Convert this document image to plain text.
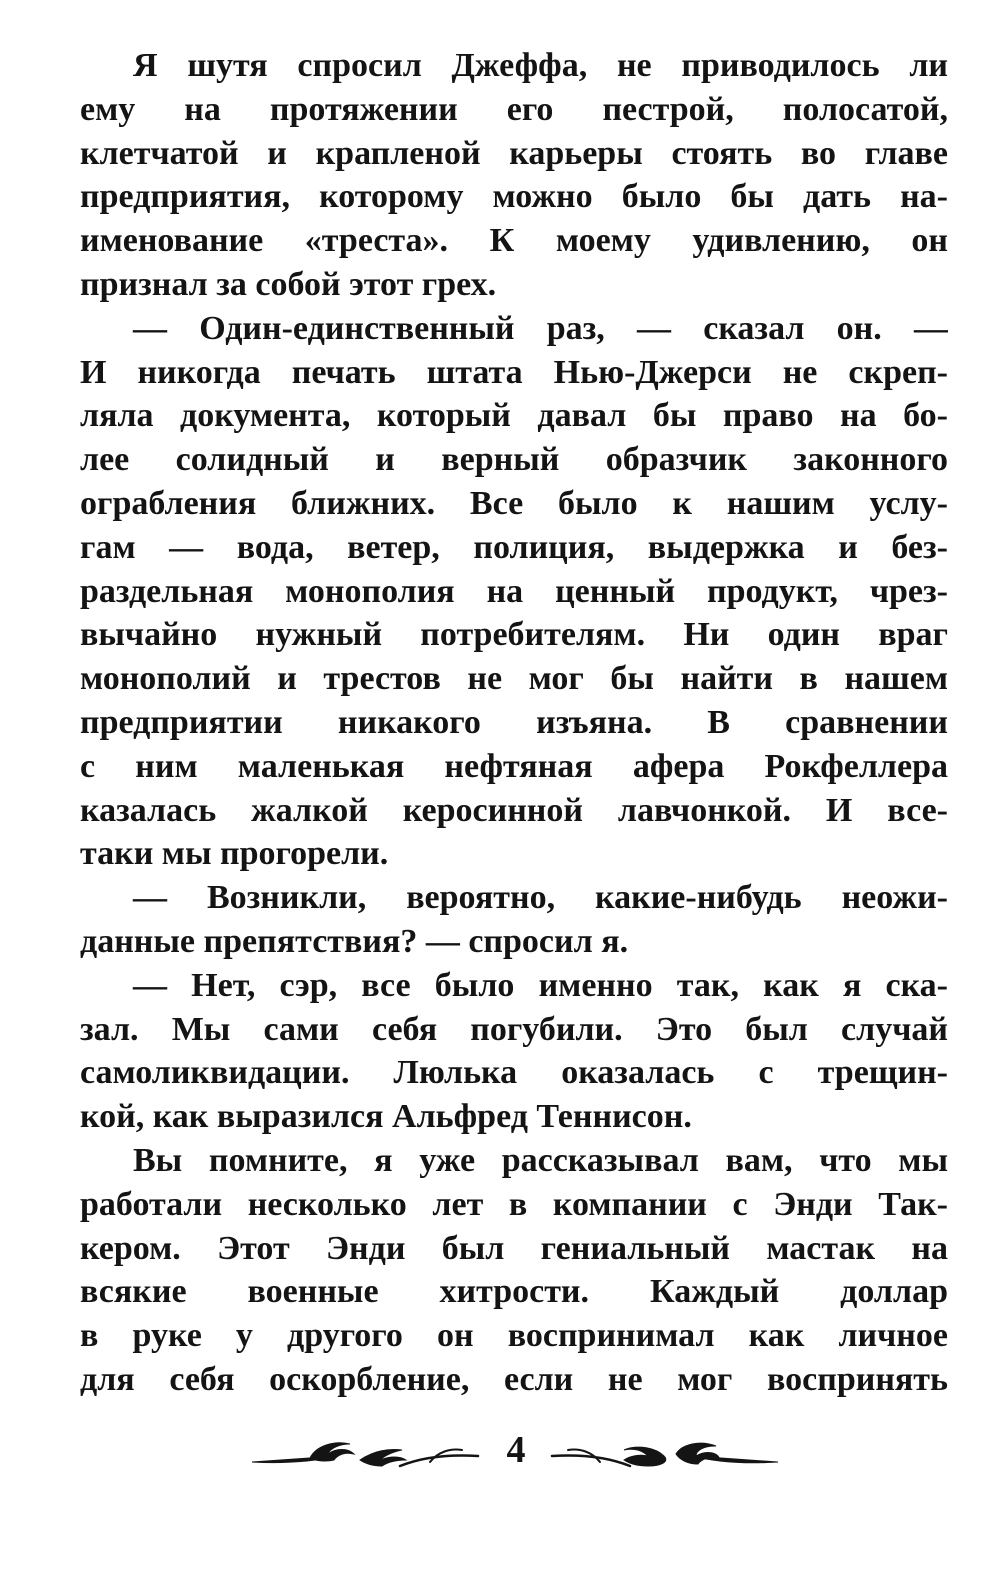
Я шутя спросил Джеффа, не приводилось ли
ему на протяжении его пестрой, полосатой,
клетчатой и крапленой карьеры стоять во главе
предприятия, которому можно было бы дать на-
именование «треста». К моему удивлению, он
признал за собой этот грех.
— Один-единственный раз, — сказал он. —
И никогда печать штата Нью-Джерси не скреп-
ляла документа, который давал бы право на бо-
лее солидный и верный образчик законного
ограбления ближних. Все было к нашим услу-
гам — вода, ветер, полиция, выдержка и без-
раздельная монополия на ценный продукт, чрез-
вычайно нужный потребителям. Ни один враг
монополий и трестов не мог бы найти в нашем
предприятии никакого изъяна. В сравнении
с ним маленькая нефтяная афера Рокфеллера
казалась жалкой керосинной лавчонкой. И все-
таки мы прогорели.
— Возникли, вероятно, какие-нибудь неожи-
данные препятствия? — спросил я.
— Нет, сэр, все было именно так, как я ска-
зал. Мы сами себя погубили. Это был случай
самоликвидации. Люлька оказалась с трещин-
кой, как выразился Альфред Теннисон.
Вы помните, я уже рассказывал вам, что мы
работали несколько лет в компании с Энди Так-
кером. Этот Энди был гениальный мастак на
всякие военные хитрости. Каждый доллар
в руке у другого он воспринимал как личное
для себя оскорбление, если не мог воспринять
4
